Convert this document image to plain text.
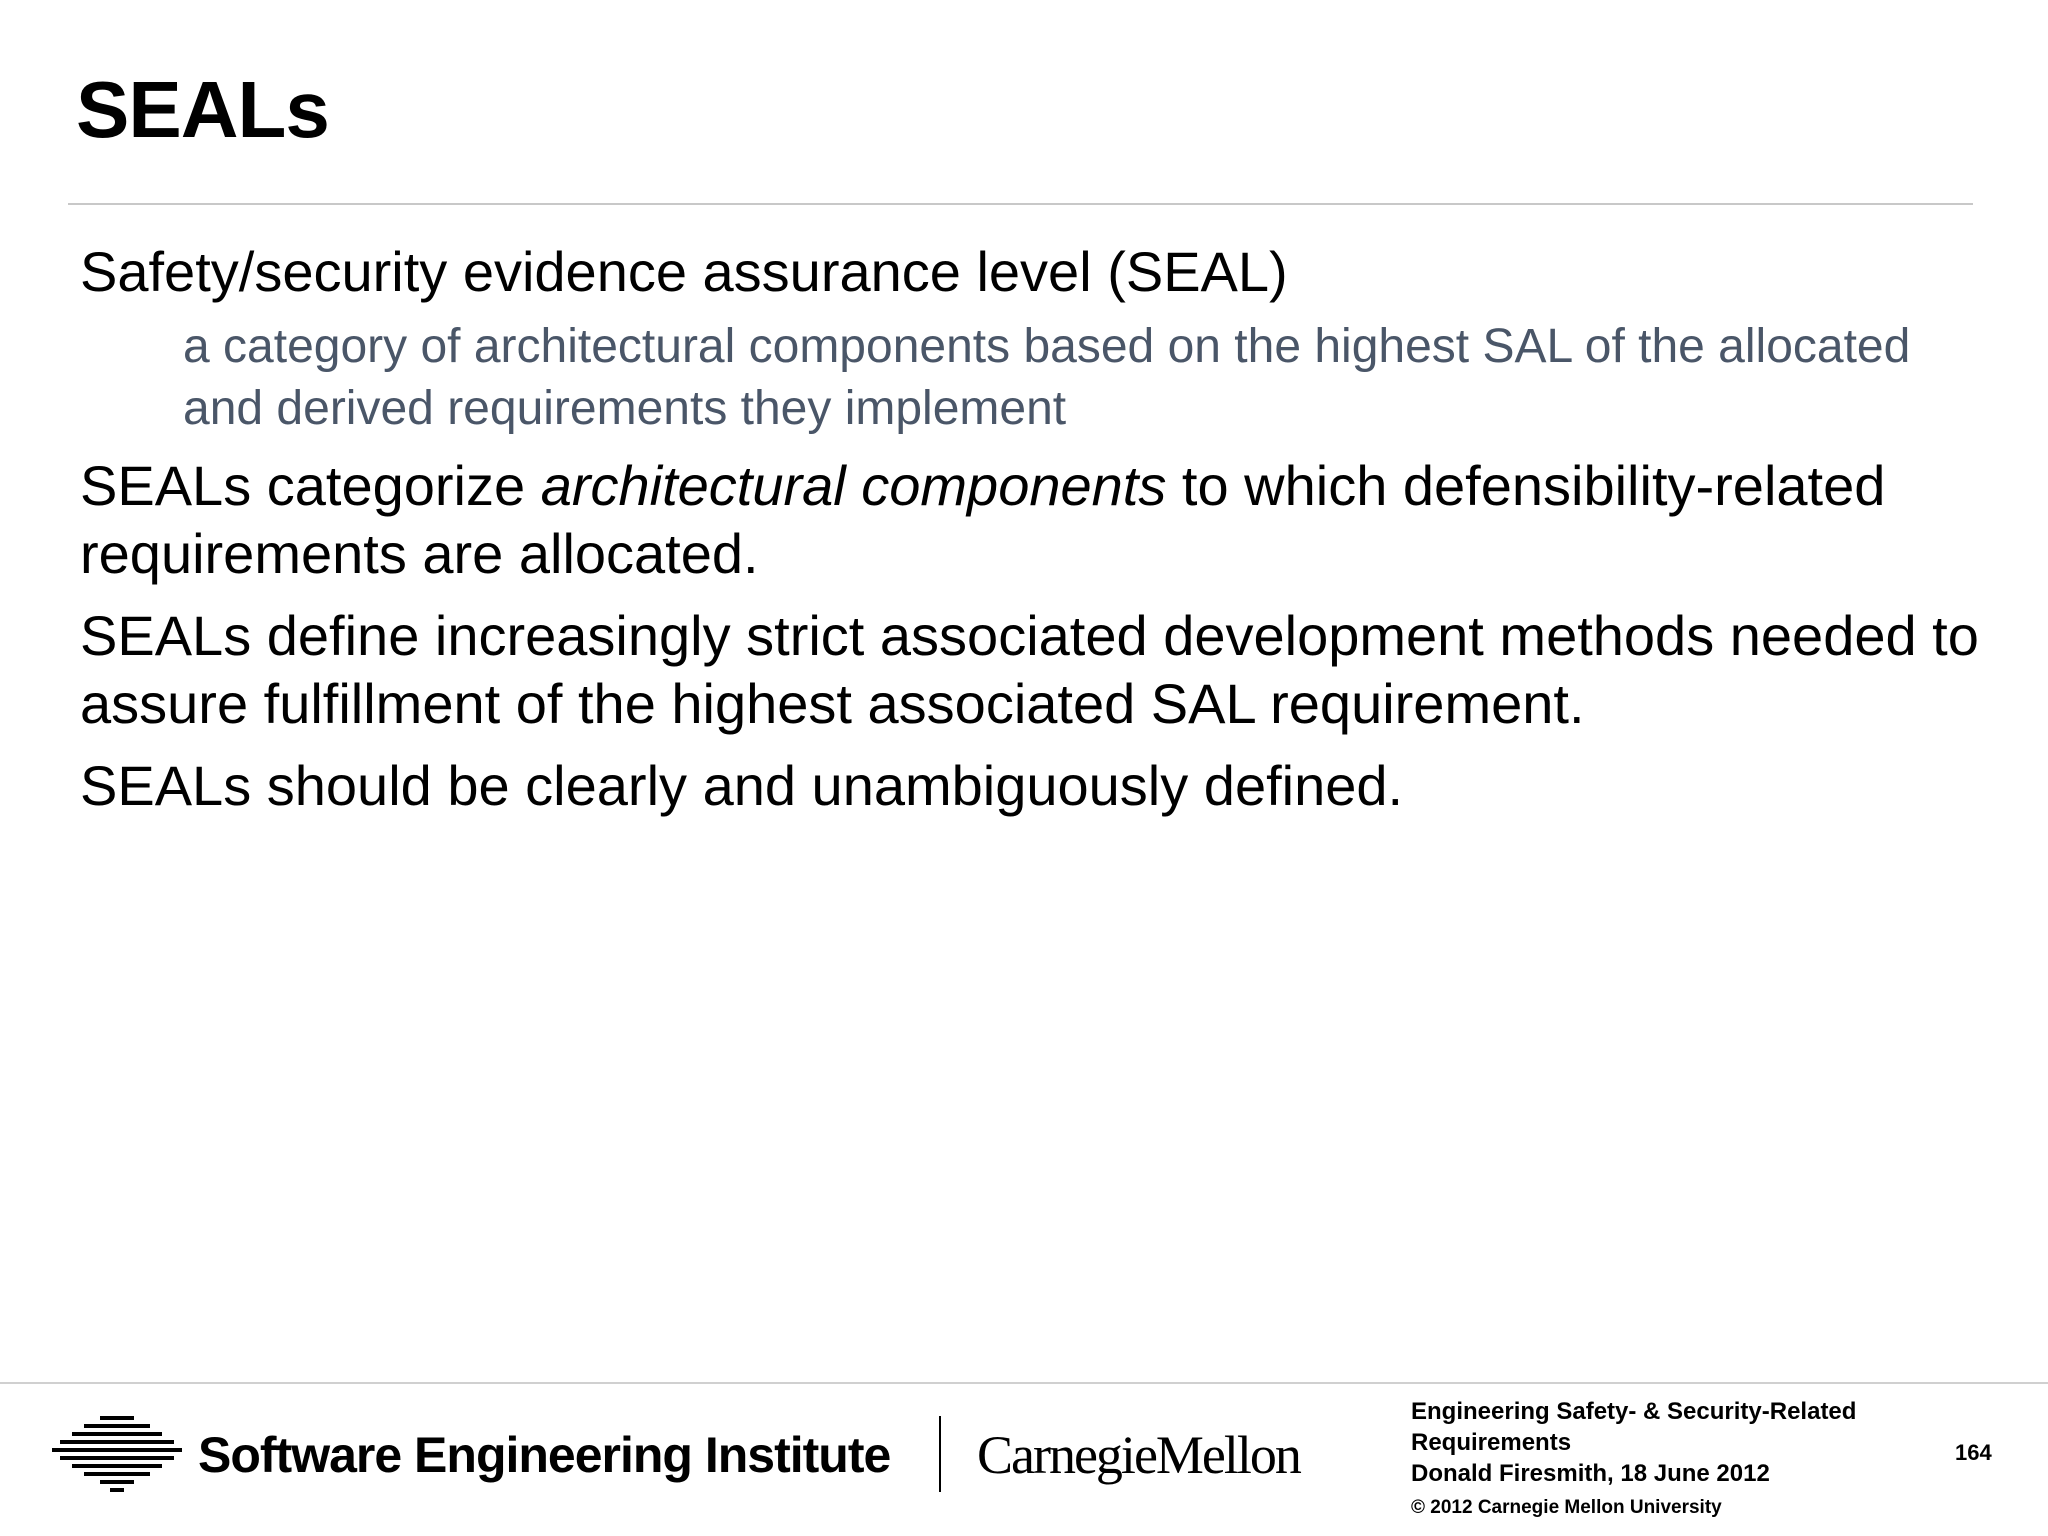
SEALs

Safety/security evidence assurance level (SEAL)

a category of architectural components based on the highest SAL of the allocated and derived requirements they implement

SEALs categorize architectural components to which defensibility-related requirements are allocated.

SEALs define increasingly strict associated development methods needed to assure fulfillment of the highest associated SAL requirement.

SEALs should be clearly and unambiguously defined.

Software Engineering Institute CarnegieMellon
Engineering Safety- & Security-Related
Requirements
Donald Firesmith, 18 June 2012
© 2012 Carnegie Mellon University
164
